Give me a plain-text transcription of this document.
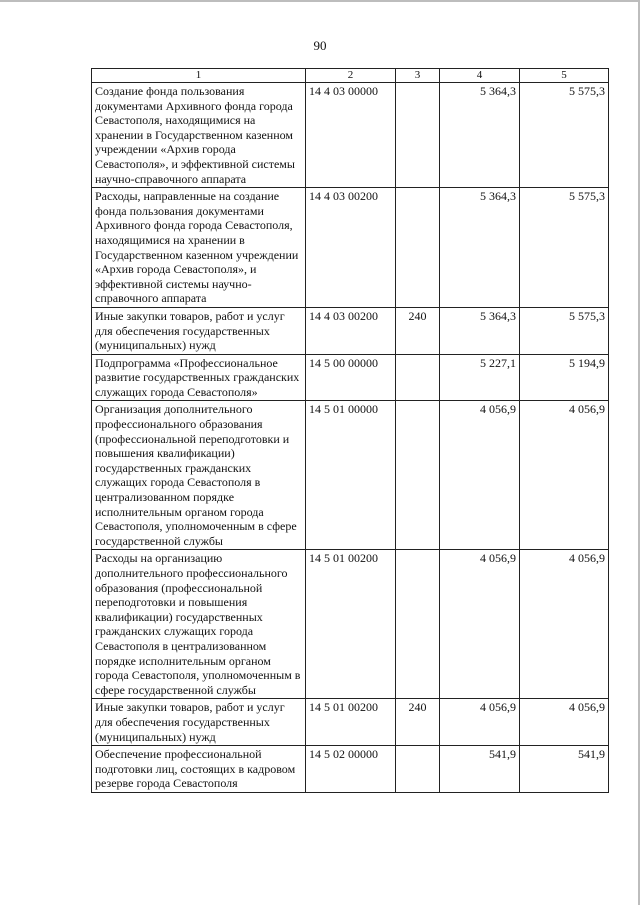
90
1	2	3	4	5
Создание фонда пользования документами Архивного фонда города Севастополя, находящимися на хранении в Государственном казенном учреждении «Архив города Севастополя», и эффективной системы научно-справочного аппарата	14 4 03 00000		5 364,3	5 575,3
Расходы, направленные на создание фонда пользования документами Архивного фонда города Севастополя, находящимися на хранении в Государственном казенном учреждении «Архив города Севастополя», и эффективной системы научно-справочного аппарата	14 4 03 00200		5 364,3	5 575,3
Иные закупки товаров, работ и услуг для обеспечения государственных (муниципальных) нужд	14 4 03 00200	240	5 364,3	5 575,3
Подпрограмма «Профессиональное развитие государственных гражданских служащих города Севастополя»	14 5 00 00000		5 227,1	5 194,9
Организация дополнительного профессионального образования (профессиональной переподготовки и повышения квалификации) государственных гражданских служащих города Севастополя в централизованном порядке исполнительным органом города Севастополя, уполномоченным в сфере государственной службы	14 5 01 00000		4 056,9	4 056,9
Расходы на организацию дополнительного профессионального образования (профессиональной переподготовки и повышения квалификации) государственных гражданских служащих города Севастополя в централизованном порядке исполнительным органом города Севастополя, уполномоченным в сфере государственной службы	14 5 01 00200		4 056,9	4 056,9
Иные закупки товаров, работ и услуг для обеспечения государственных (муниципальных) нужд	14 5 01 00200	240	4 056,9	4 056,9
Обеспечение профессиональной подготовки лиц, состоящих в кадровом резерве города Севастополя	14 5 02 00000		541,9	541,9
